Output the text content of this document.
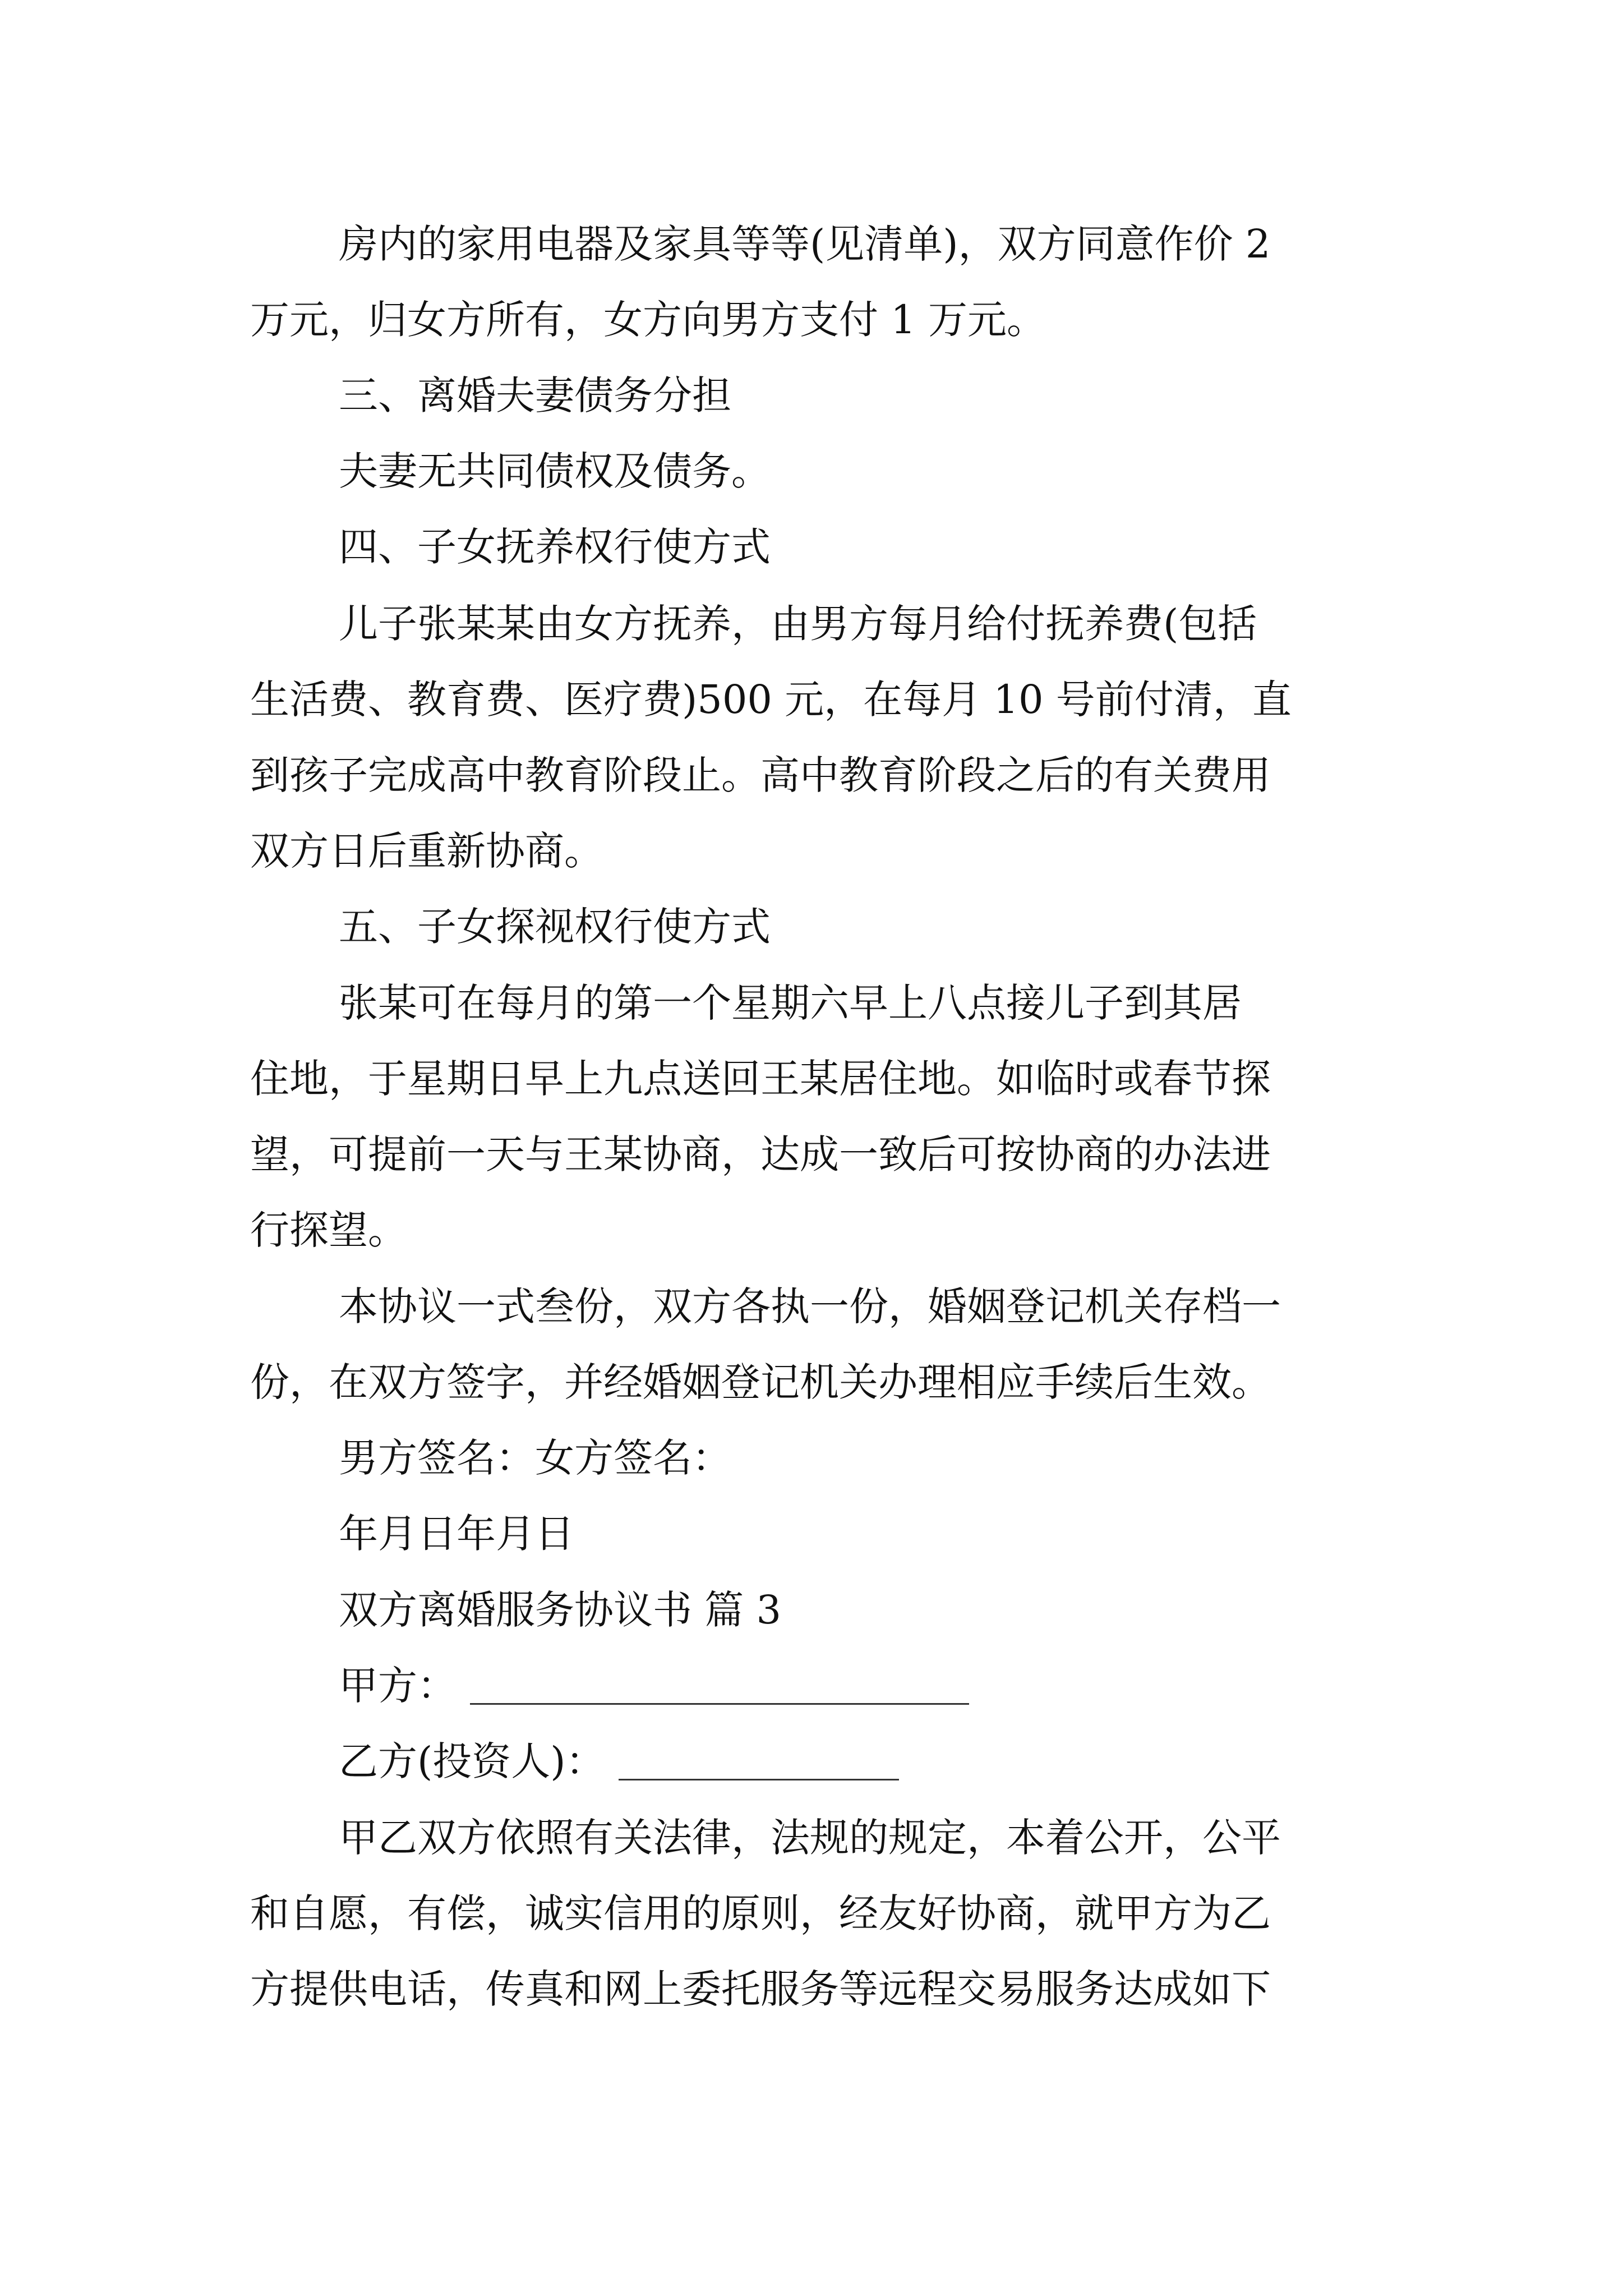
房内的家用电器及家具等等(见清单)，双方同意作价 2
万元，归女方所有，女方向男方支付 1 万元。
三、离婚夫妻债务分担
夫妻无共同债权及债务。
四、子女抚养权行使方式
儿子张某某由女方抚养，由男方每月给付抚养费(包括
生活费、教育费、医疗费)500 元，在每月 10 号前付清，直
到孩子完成高中教育阶段止。高中教育阶段之后的有关费用
双方日后重新协商。
五、子女探视权行使方式
张某可在每月的第一个星期六早上八点接儿子到其居
住地，于星期日早上九点送回王某居住地。如临时或春节探
望，可提前一天与王某协商，达成一致后可按协商的办法进
行探望。
本协议一式叁份，双方各执一份，婚姻登记机关存档一
份，在双方签字，并经婚姻登记机关办理相应手续后生效。
男方签名：女方签名：
年月日年月日
双方离婚服务协议书 篇 3
甲方：
乙方(投资人)：
甲乙双方依照有关法律，法规的规定，本着公开，公平
和自愿，有偿，诚实信用的原则，经友好协商，就甲方为乙
方提供电话，传真和网上委托服务等远程交易服务达成如下
